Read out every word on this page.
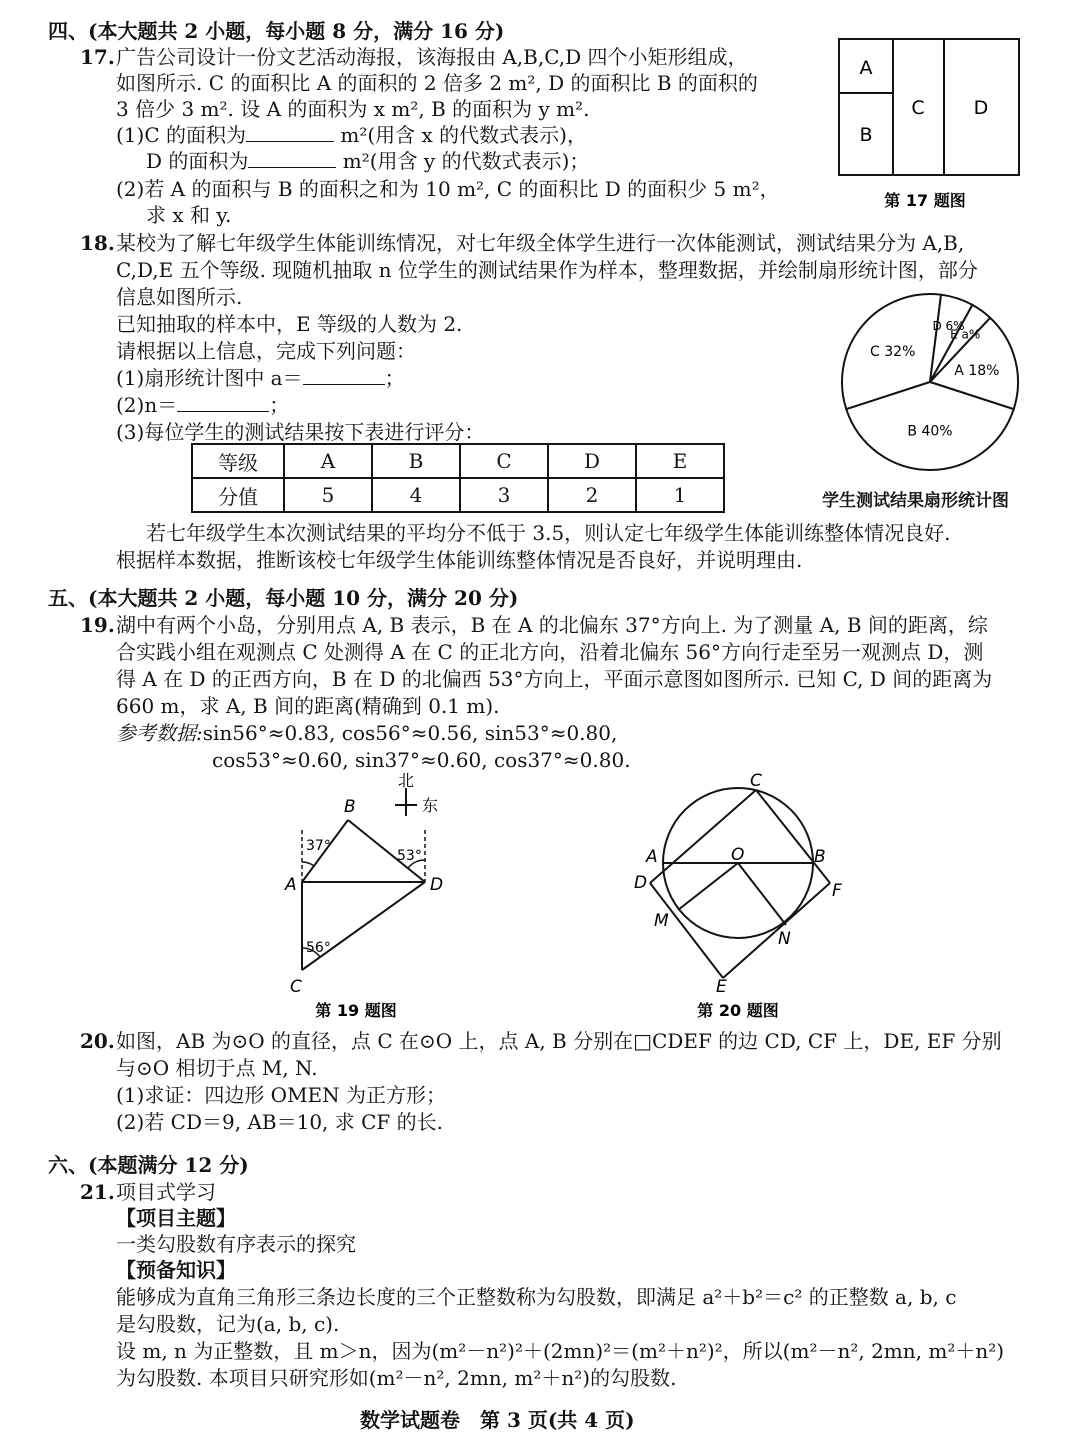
四、(本大题共 2 小题，每小题 8 分，满分 16 分)
17. 广告公司设计一份文艺活动海报，该海报由 A,B,C,D 四个小矩形组成，
如图所示. C 的面积比 A 的面积的 2 倍多 2 m², D 的面积比 B 的面积的
3 倍少 3 m². 设 A 的面积为 x m², B 的面积为 y m².
(1)C 的面积为	m²(用含 x 的代数式表示)，
D 的面积为	m²(用含 y 的代数式表示)；
(2)若 A 的面积与 B 的面积之和为 10 m², C 的面积比 D 的面积少 5 m²，
求 x 和 y.
A
B
C	D
第 17 题图
18. 某校为了解七年级学生体能训练情况，对七年级全体学生进行一次体能测试，测试结果分为 A,B,
C,D,E 五个等级. 现随机抽取 n 位学生的测试结果作为样本，整理数据，并绘制扇形统计图，部分
信息如图所示.
已知抽取的样本中，E 等级的人数为 2.
请根据以上信息，完成下列问题：
(1)扇形统计图中 a＝	；
(2)n＝	；
(3)每位学生的测试结果按下表进行评分：
等级	A	B	C	D	E
分值	5	4	3	2	1
C 32%
D 6%
E a%
A 18%
B 40%
学生测试结果扇形统计图
若七年级学生本次测试结果的平均分不低于 3.5，则认定七年级学生体能训练整体情况良好.
根据样本数据，推断该校七年级学生体能训练整体情况是否良好，并说明理由.
五、(本大题共 2 小题，每小题 10 分，满分 20 分)
19. 湖中有两个小岛，分别用点 A, B 表示，B 在 A 的北偏东 37°方向上. 为了测量 A, B 间的距离，综
合实践小组在观测点 C 处测得 A 在 C 的正北方向，沿着北偏东 56°方向行走至另一观测点 D，测
得 A 在 D 的正西方向，B 在 D 的北偏西 53°方向上，平面示意图如图所示. 已知 C, D 间的距离为
660 m，求 A, B 间的距离(精确到 0.1 m).
参考数据:sin56°≈0.83, cos56°≈0.56, sin53°≈0.80,
cos53°≈0.60, sin37°≈0.60, cos37°≈0.80.
北
东
37°
53°
56°
B
A	D
C
第 19 题图
C
A	O	B
D	F
M
N
E
第 20 题图
20. 如图，AB 为⊙O 的直径，点 C 在⊙O 上，点 A, B 分别在□CDEF 的边 CD, CF 上，DE, EF 分别
与⊙O 相切于点 M, N.
(1)求证：四边形 OMEN 为正方形；
(2)若 CD＝9, AB＝10, 求 CF 的长.
六、(本题满分 12 分)
21. 项目式学习
【项目主题】
一类勾股数有序表示的探究
【预备知识】
能够成为直角三角形三条边长度的三个正整数称为勾股数，即满足 a²＋b²＝c² 的正整数 a, b, c
是勾股数，记为(a, b, c).
设 m, n 为正整数，且 m＞n，因为(m²－n²)²＋(2mn)²＝(m²＋n²)²，所以(m²－n², 2mn, m²＋n²)
为勾股数. 本项目只研究形如(m²－n², 2mn, m²＋n²)的勾股数.
数学试题卷　第 3 页(共 4 页)
